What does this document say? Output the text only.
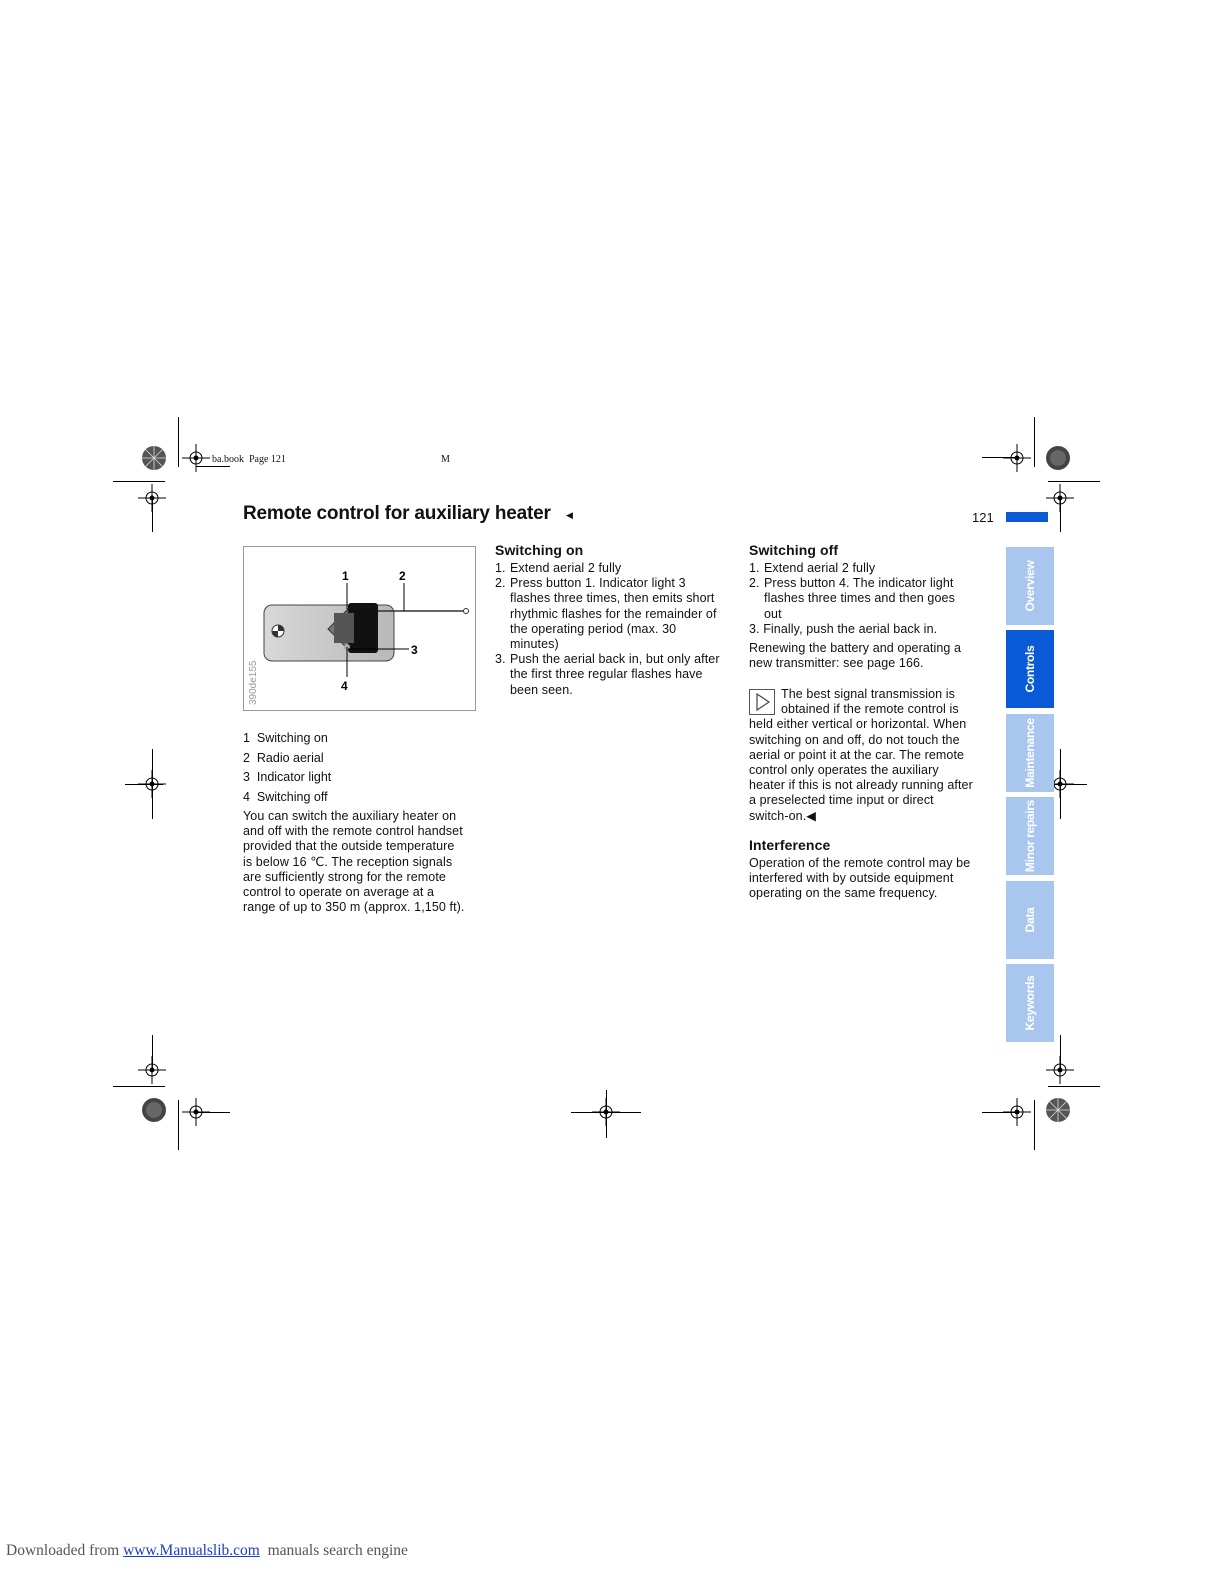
ba.book  Page 121	M
Remote control for auxiliary heater ◀	121
1	2
3
4
390de155
1  Switching on
2  Radio aerial
3  Indicator light
4  Switching off
You can switch the auxiliary heater on
and off with the remote control handset
provided that the outside temperature
is below 16 ℃. The reception signals
are sufficiently strong for the remote
control to operate on average at a
range of up to 350 m (approx. 1,150 ft).
Switching on
1. Extend aerial 2 fully
2. Press button 1. Indicator light 3
flashes three times, then emits short
rhythmic flashes for the remainder of
the operating period (max. 30
minutes)
3. Push the aerial back in, but only after
the first three regular flashes have
been seen.
Switching off
1. Extend aerial 2 fully
2. Press button 4. The indicator light
flashes three times and then goes
out

3. Finally, push the aerial back in.

Renewing the battery and operating a
new transmitter: see page 166.

The best signal transmission is
obtained if the remote control is
held either vertical or horizontal. When
switching on and off, do not touch the
aerial or point it at the car. The remote
control only operates the auxiliary
heater if this is not already running after
a preselected time input or direct
switch-on.◀
Interference
Operation of the remote control may be
interfered with by outside equipment
operating on the same frequency.
Overview
Controls
Maintenance
Minor repairs
Data
Keywords
Downloaded from www.Manualslib.com  manuals search engine
